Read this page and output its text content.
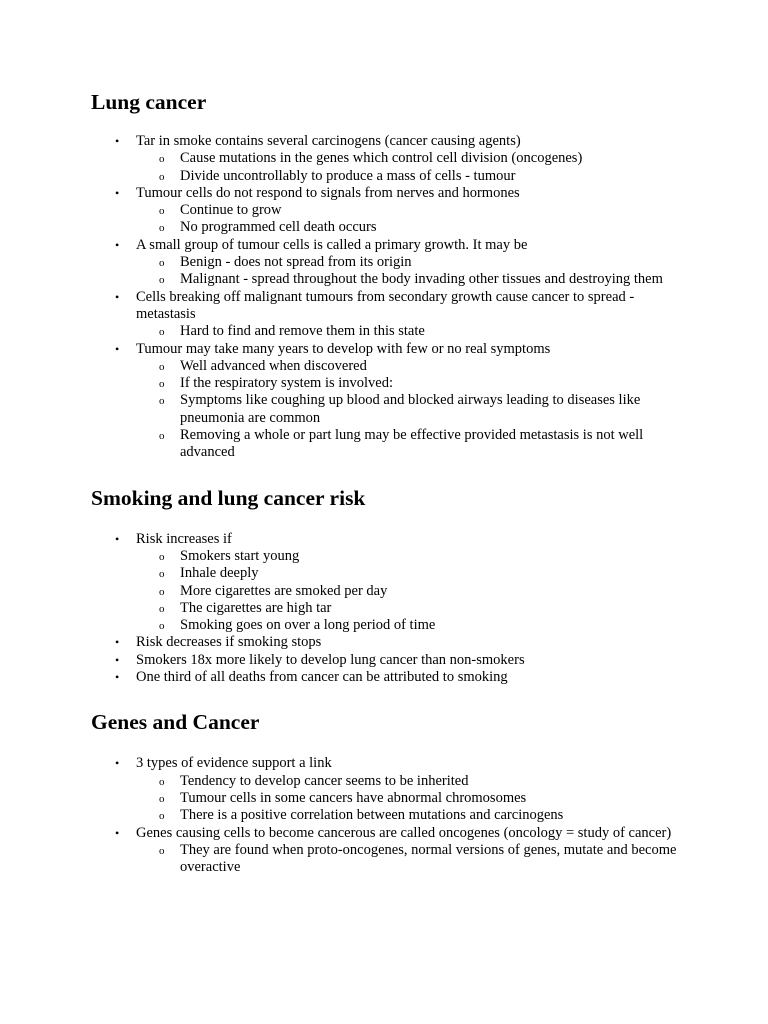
Lung cancer
• Tar in smoke contains several carcinogens (cancer causing agents)
o Cause mutations in the genes which control cell division (oncogenes)
o Divide uncontrollably to produce a mass of cells - tumour
• Tumour cells do not respond to signals from nerves and hormones
o Continue to grow
o No programmed cell death occurs
• A small group of tumour cells is called a primary growth. It may be
o Benign - does not spread from its origin
o Malignant - spread throughout the body invading other tissues and destroying them
• Cells breaking off malignant tumours from secondary growth cause cancer to spread - metastasis
o Hard to find and remove them in this state
• Tumour may take many years to develop with few or no real symptoms
o Well advanced when discovered
o If the respiratory system is involved:
o Symptoms like coughing up blood and blocked airways leading to diseases like pneumonia are common
o Removing a whole or part lung may be effective provided metastasis is not well advanced
Smoking and lung cancer risk
• Risk increases if
o Smokers start young
o Inhale deeply
o More cigarettes are smoked per day
o The cigarettes are high tar
o Smoking goes on over a long period of time
• Risk decreases if smoking stops
• Smokers 18x more likely to develop lung cancer than non-smokers
• One third of all deaths from cancer can be attributed to smoking
Genes and Cancer
• 3 types of evidence support a link
o Tendency to develop cancer seems to be inherited
o Tumour cells in some cancers have abnormal chromosomes
o There is a positive correlation between mutations and carcinogens
• Genes causing cells to become cancerous are called oncogenes (oncology = study of cancer)
o They are found when proto-oncogenes, normal versions of genes, mutate and become overactive
